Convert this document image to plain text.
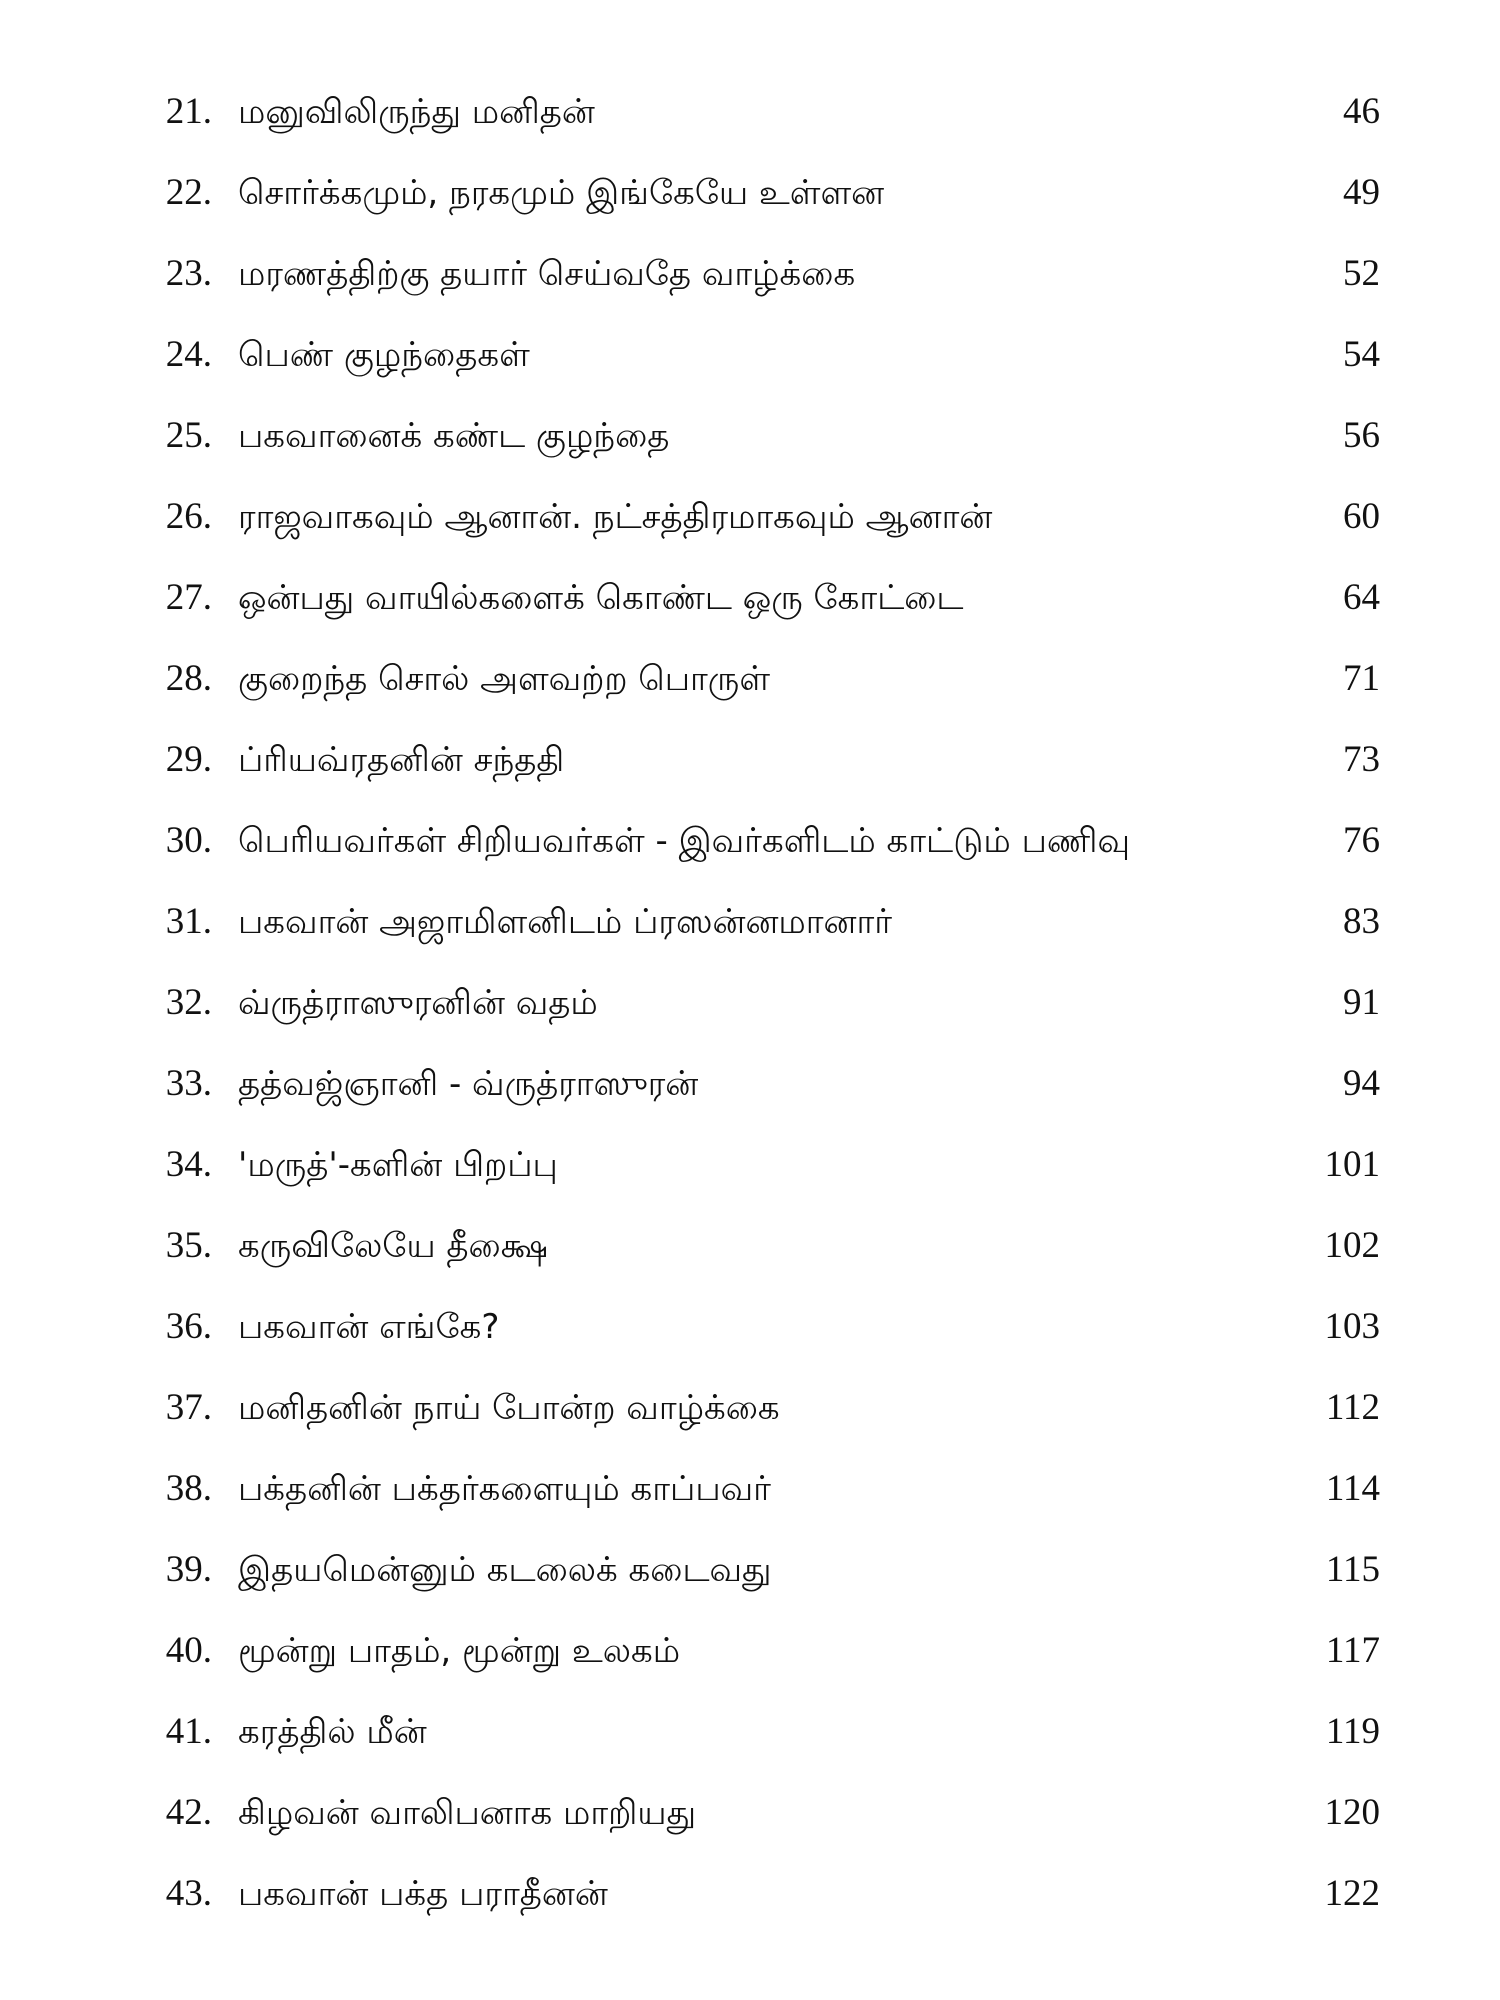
21. மனுவிலிருந்து மனிதன்	46
22. சொர்க்கமும், நரகமும் இங்கேயே உள்ளன	49
23. மரணத்திற்கு தயார் செய்வதே வாழ்க்கை	52
24. பெண் குழந்தைகள்	54
25. பகவானைக் கண்ட குழந்தை	56
26. ராஜவாகவும் ஆனான். நட்சத்திரமாகவும் ஆனான்	60
27. ஒன்பது வாயில்களைக் கொண்ட ஒரு கோட்டை	64
28. குறைந்த சொல் அளவற்ற பொருள்	71
29. ப்ரியவ்ரதனின் சந்ததி	73
30. பெரியவர்கள் சிறியவர்கள் - இவர்களிடம் காட்டும் பணிவு	76
31. பகவான் அஜாமிளனிடம் ப்ரஸன்னமானார்	83
32. வ்ருத்ராஸுரனின் வதம்	91
33. தத்வஜ்ஞானி - வ்ருத்ராஸுரன்	94
34. 'மருத்'-களின் பிறப்பு	101
35. கருவிலேயே தீக்ஷை	102
36. பகவான் எங்கே?	103
37. மனிதனின் நாய் போன்ற வாழ்க்கை	112
38. பக்தனின் பக்தர்களையும் காப்பவர்	114
39. இதயமென்னும் கடலைக் கடைவது	115
40. மூன்று பாதம், மூன்று உலகம்	117
41. கரத்தில் மீன்	119
42. கிழவன் வாலிபனாக மாறியது	120
43. பகவான் பக்த பராதீனன்	122
